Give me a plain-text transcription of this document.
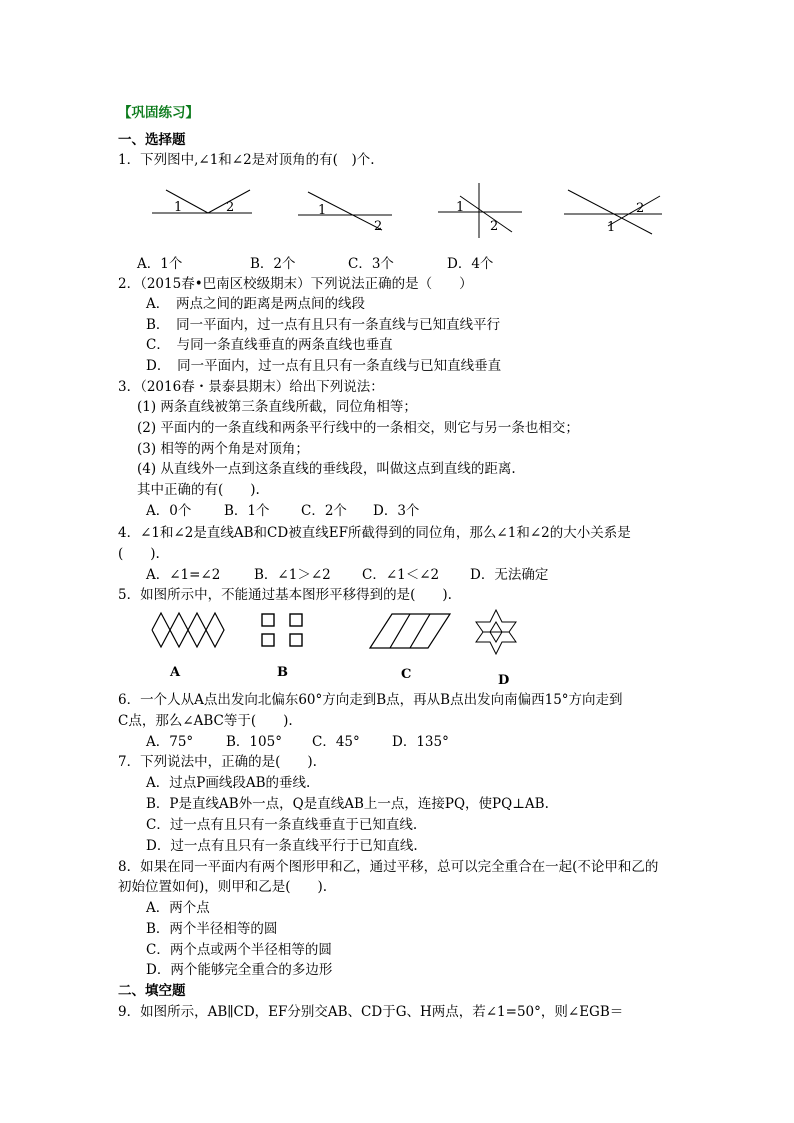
【巩固练习】
一、选择题
1．下列图中,∠1和∠2是对顶角的有(　)个.
1	2	1
2
1
2
2
1
A．1个	B．2个	C．3个	D．4个
2．（2015春•巴南区校级期末）下列说法正确的是（　　）
A．　两点之间的距离是两点间的线段
B．　同一平面内，过一点有且只有一条直线与已知直线平行
C．　与同一条直线垂直的两条直线也垂直
D．　同一平面内，过一点有且只有一条直线与已知直线垂直
3．（2016春・景泰县期末）给出下列说法：
(1) 两条直线被第三条直线所截，同位角相等；
(2) 平面内的一条直线和两条平行线中的一条相交，则它与另一条也相交；
(3) 相等的两个角是对顶角；
(4) 从直线外一点到这条直线的垂线段，叫做这点到直线的距离.
其中正确的有(　　).
A．0个 B．1个 C．2个 D．3个
4．∠1和∠2是直线AB和CD被直线EF所截得到的同位角，那么∠1和∠2的大小关系是
(　　).
A．∠1=∠2 B．∠1＞∠2 C．∠1＜∠2 D．无法确定
5．如图所示中，不能通过基本图形平移得到的是(　　).
A	B	C	D
6．一个人从A点出发向北偏东60°方向走到B点，再从B点出发向南偏西15°方向走到
C点，那么∠ABC等于(　　).
A．75° B．105° C．45° D．135°
7．下列说法中，正确的是(　　).
A．过点P画线段AB的垂线.
B．P是直线AB外一点，Q是直线AB上一点，连接PQ，使PQ⊥AB.
C．过一点有且只有一条直线垂直于已知直线.
D．过一点有且只有一条直线平行于已知直线.
8．如果在同一平面内有两个图形甲和乙，通过平移，总可以完全重合在一起(不论甲和乙的
初始位置如何)，则甲和乙是(　　).
A．两个点
B．两个半径相等的圆
C．两个点或两个半径相等的圆
D．两个能够完全重合的多边形
二、填空题
9．如图所示，AB∥CD，EF分别交AB、CD于G、H两点，若∠1=50°，则∠EGB＝
